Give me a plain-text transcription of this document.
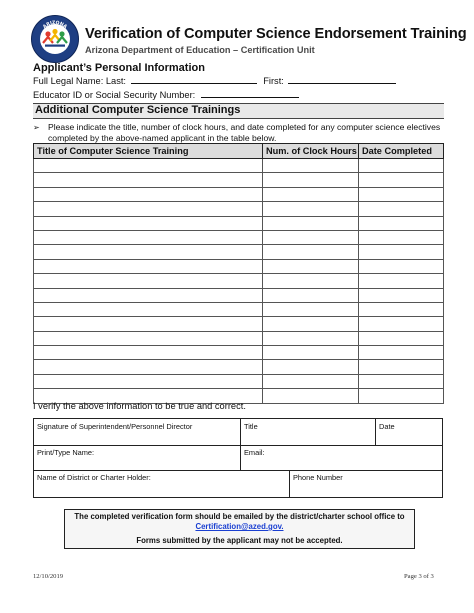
ARIZONA Verification of Computer Science Endorsement Training
Arizona Department of Education – Certification Unit
Applicant’s Personal Information
Full Legal Name: Last:	First:
Educator ID or Social Security Number:
Additional Computer Science Trainings
➢ Please indicate the title, number of clock hours, and date completed for any computer science electives completed by the above-named applicant in the table below.
Title of Computer Science Training	Num. of Clock Hours	Date Completed

I verify the above information to be true and correct.
Signature of Superintendent/Personnel Director	Title	Date
Print/Type Name:	Email:
Name of District or Charter Holder:	Phone Number
The completed verification form should be emailed by the district/charter school office to
Certification@azed.gov.
Forms submitted by the applicant may not be accepted.
12/10/2019	Page 3 of 3
